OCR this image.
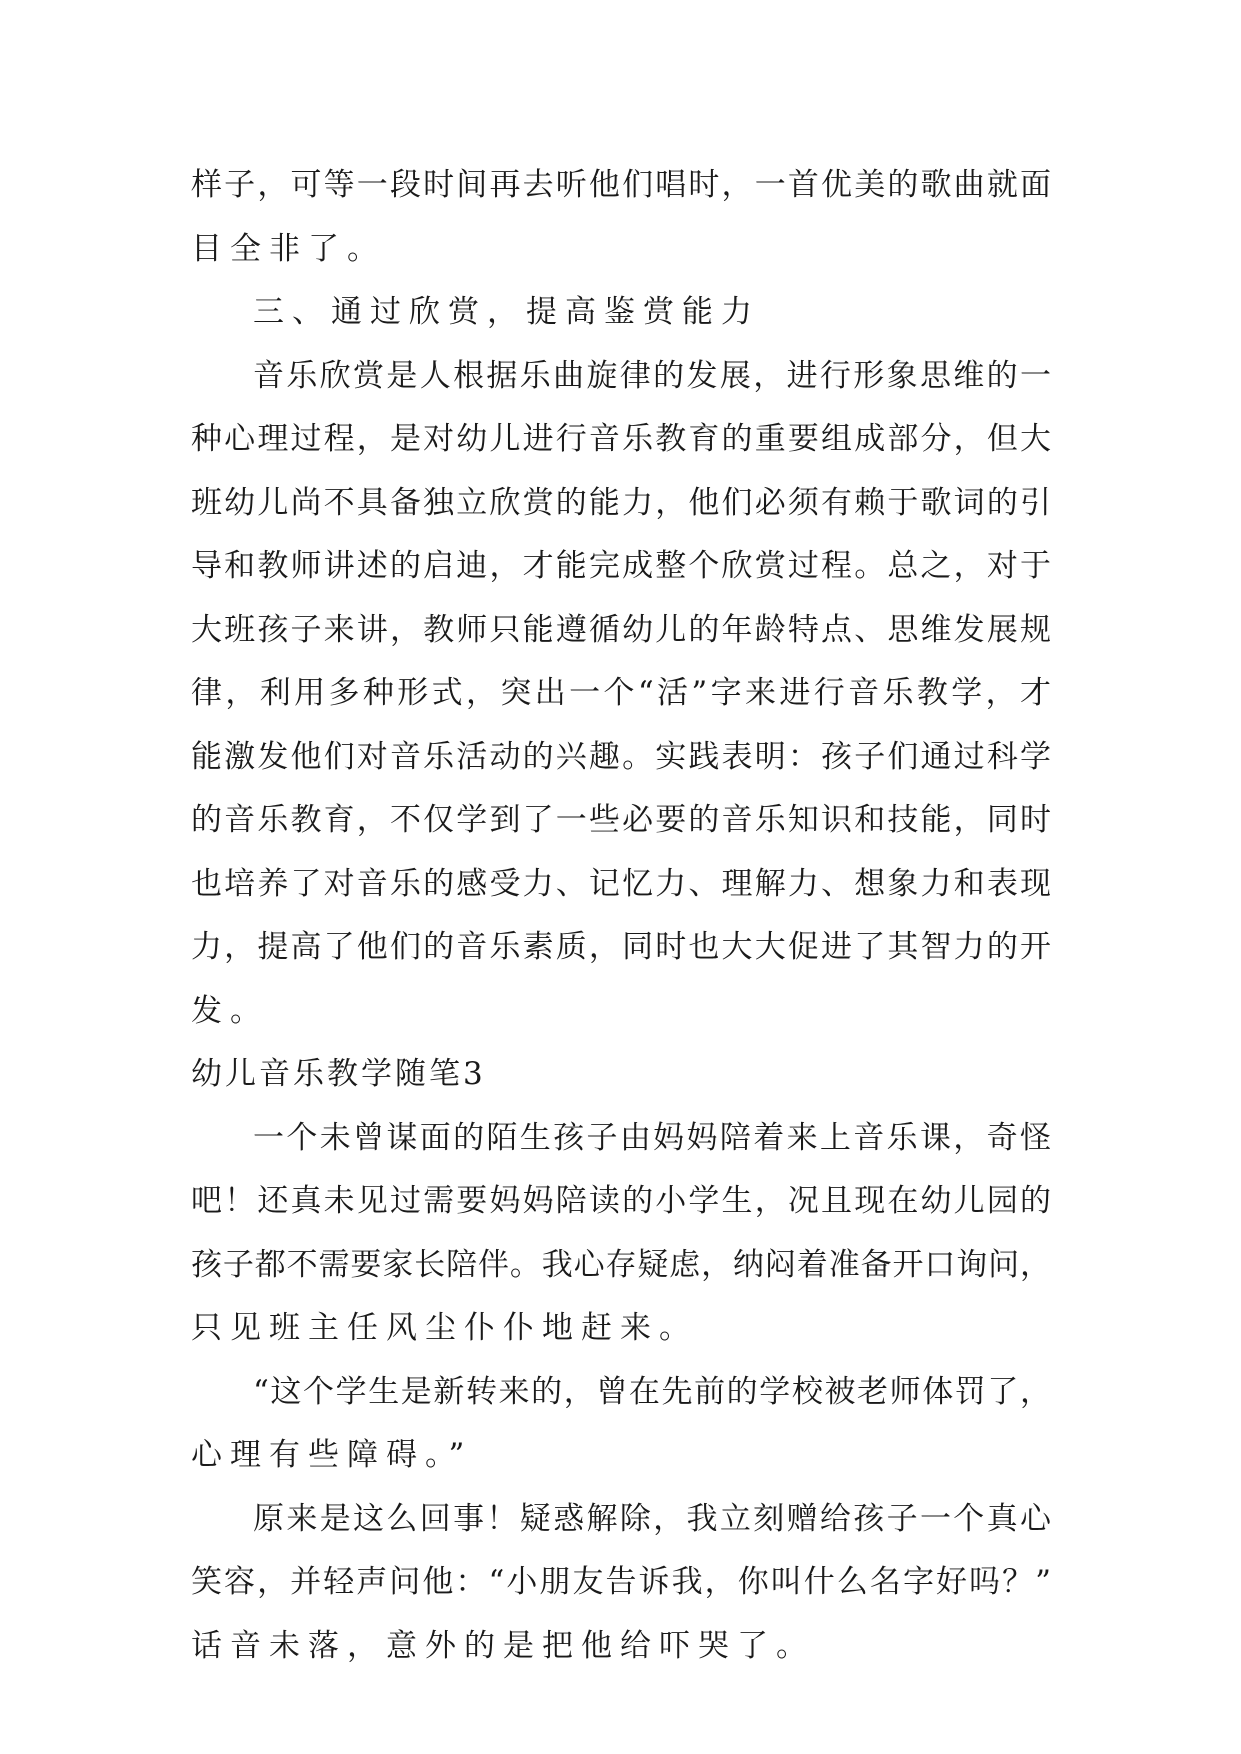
样子，可等一段时间再去听他们唱时，一首优美的歌曲就面
目全非了。
三、通过欣赏，提高鉴赏能力
音乐欣赏是人根据乐曲旋律的发展，进行形象思维的一
种心理过程，是对幼儿进行音乐教育的重要组成部分，但大
班幼儿尚不具备独立欣赏的能力，他们必须有赖于歌词的引
导和教师讲述的启迪，才能完成整个欣赏过程。总之，对于
大班孩子来讲，教师只能遵循幼儿的年龄特点、思维发展规
律，利用多种形式，突出一个“活”字来进行音乐教学，才
能激发他们对音乐活动的兴趣。实践表明：孩子们通过科学
的音乐教育，不仅学到了一些必要的音乐知识和技能，同时
也培养了对音乐的感受力、记忆力、理解力、想象力和表现
力，提高了他们的音乐素质，同时也大大促进了其智力的开
发。
幼儿音乐教学随笔3
一个未曾谋面的陌生孩子由妈妈陪着来上音乐课，奇怪
吧！还真未见过需要妈妈陪读的小学生，况且现在幼儿园的
孩子都不需要家长陪伴。我心存疑虑，纳闷着准备开口询问，
只见班主任风尘仆仆地赶来。
“这个学生是新转来的，曾在先前的学校被老师体罚了，
心理有些障碍。”
原来是这么回事！疑惑解除，我立刻赠给孩子一个真心
笑容，并轻声问他：“小朋友告诉我，你叫什么名字好吗？”
话音未落，意外的是把他给吓哭了。
